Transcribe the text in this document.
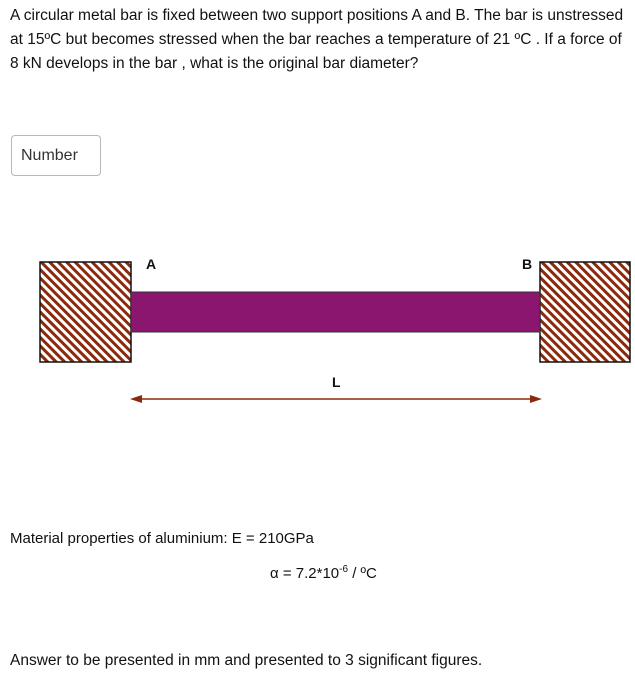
A circular metal bar is fixed between two support positions A and B. The bar is unstressed at 15ºC but becomes stressed when the bar reaches a temperature of 21 ºC . If a force of 8 kN develops in the bar , what is the original bar diameter?

Number
A	B
L

Material properties of aluminium: E = 210GPa

$\alpha = 7.2*10^{-6}$ / ºC

Answer to be presented in mm and presented to 3 significant figures.
